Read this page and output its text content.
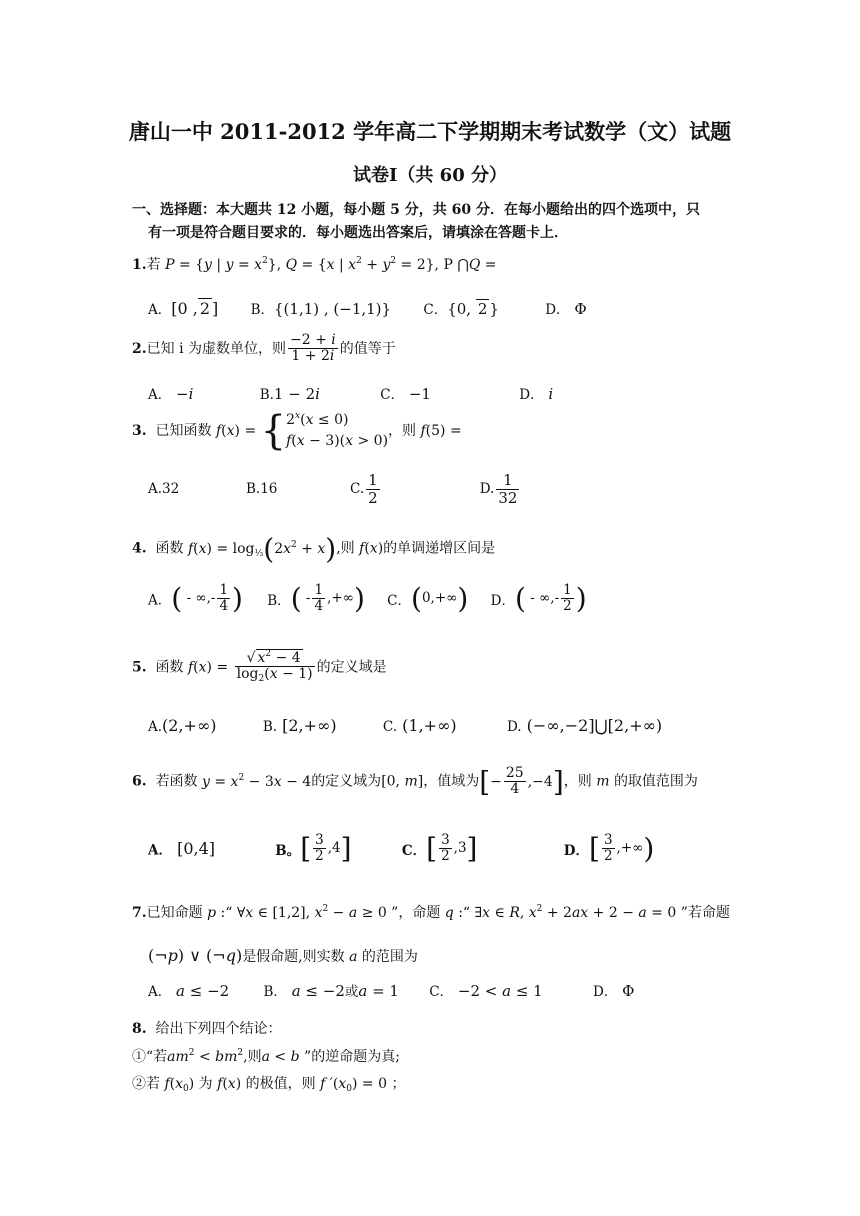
唐山一中 2011-2012 学年高二下学期期末考试数学（文）试题
试卷Ⅰ（共 60 分）
一、选择题：本大题共 12 小题，每小题 5 分，共 60 分．在每小题给出的四个选项中，只
有一项是符合题目要求的．每小题选出答案后，请填涂在答题卡上．
1.若 P = {y | $y = x^2$}, Q = {x | $x^2 + y^2 = 2$}, P ⋂Q =
A．[0 , 2 ] B．{(1,1) , (−1,1)} C．{0, 2 }	D． Φ
2.已知 i 为虚数单位，则 $\frac{-2 + i}{1 + 2i}$ 的值等于
A． −i	B.1 − 2i	C． −1	D． i
3. 已知函数 f(x) = { $2^x(x \le 0)$
f(x − 3)(x > 0)
，则 f(5) =
A.32	B.16	C. $\frac{1}{2}$	D. $\frac{1}{32}$
4. 函数 $f(x) = \log_{\frac{1}{3}}(2x^2 + x)$,则 f(x)的单调递增区间是
A．( - ∞,- $\frac{1}{4}$ ) B．( - $\frac{1}{4}$ ,+∞) C．(0,+∞) D．( - ∞,- $\frac{1}{2}$ )
5. 函数 $f(x) = \frac{√ x^2 - 4}{\log_2(x - 1)}$ 的定义域是
A.(2,+∞)	B. [2,+∞)	C. (1,+∞)	D. (−∞,−2]⋃[2,+∞)
6. 若函数 $y = x^2 - 3x - 4$的定义域为[0, m]，值域为[− $\frac{25}{4} ,-4$]，则 m 的取值范围为
A． [0,4]	B。[ $\frac{3}{2} ,4$]	C．[ $\frac{3}{2} ,3$]	D．[ $\frac{3}{2}$ ,+∞)
7.已知命题 p :“ ∀x ∈ [1,2], $x^2 - a \ge 0$ ”，命题 q :“ ∃x ∈ R, $x^2 + 2ax + 2 - a = 0$ ”若命题
(¬p) ∨ (¬q)是假命题,则实数 a 的范围为
A． a ≤ −2	B． a ≤ −2或a = 1 C． −2 < a ≤ 1	D． Φ
8. 给出下列四个结论：
①“若$am^2 < bm^2$,则a < b ”的逆命题为真;
②若 $f(x_0)$ 为 f(x) 的极值，则 f $'(x_0) = 0$ ；
